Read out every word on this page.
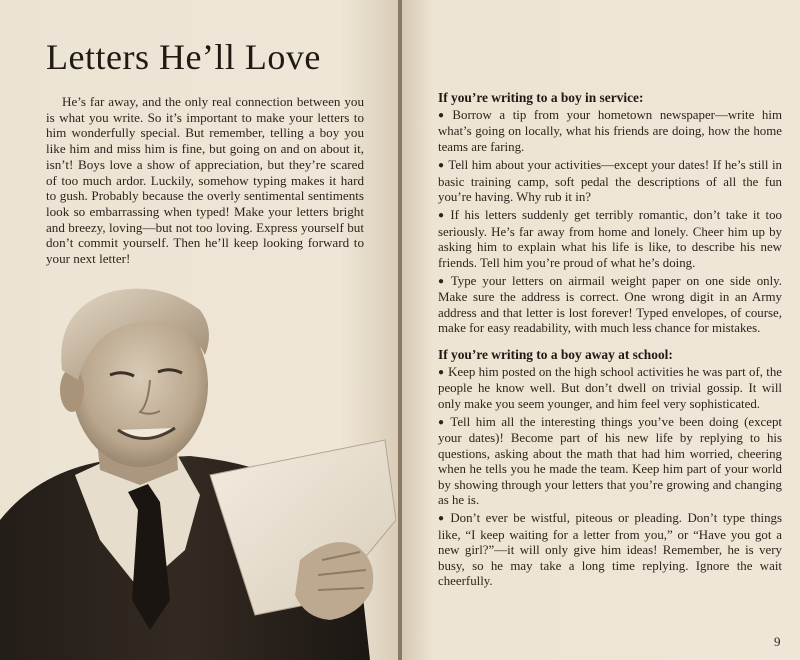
Letters He’ll Love

He’s far away, and the only real connection between you is what you write. So it’s important to make your letters to him wonderfully special. But remember, telling a boy you like him and miss him is fine, but going on and on about it, isn’t! Boys love a show of appreciation, but they’re scared of too much ardor. Luckily, somehow typing makes it hard to gush. Probably because the overly sentimental sentiments look so embarrassing when typed! Make your letters bright and breezy, loving—but not too loving. Express yourself but don’t commit yourself. Then he’ll keep looking forward to your next letter!

If you’re writing to a boy in service:

● Borrow a tip from your hometown newspaper—write him what’s going on locally, what his friends are doing, how the home teams are faring.

● Tell him about your activities—except your dates! If he’s still in basic training camp, soft pedal the descriptions of all the fun you’re having. Why rub it in?

● If his letters suddenly get terribly romantic, don’t take it too seriously. He’s far away from home and lonely. Cheer him up by asking him to explain what his life is like, to describe his new friends. Tell him you’re proud of what he’s doing.

● Type your letters on airmail weight paper on one side only. Make sure the address is correct. One wrong digit in an Army address and that letter is lost forever! Typed envelopes, of course, make for easy readability, with much less chance for mistakes.

If you’re writing to a boy away at school:

● Keep him posted on the high school activities he was part of, the people he know well. But don’t dwell on trivial gossip. It will only make you seem younger, and him feel very sophisticated.

● Tell him all the interesting things you’ve been doing (except your dates)! Become part of his new life by replying to his questions, asking about the math that had him worried, cheering when he tells you he made the team. Keep him part of your world by showing through your letters that you’re growing and changing as he is.

● Don’t ever be wistful, piteous or pleading. Don’t type things like, “I keep waiting for a letter from you,” or “Have you got a new girl?”—it will only give him ideas! Remember, he is very busy, so he may take a long time replying. Ignore the wait cheerfully.

9
